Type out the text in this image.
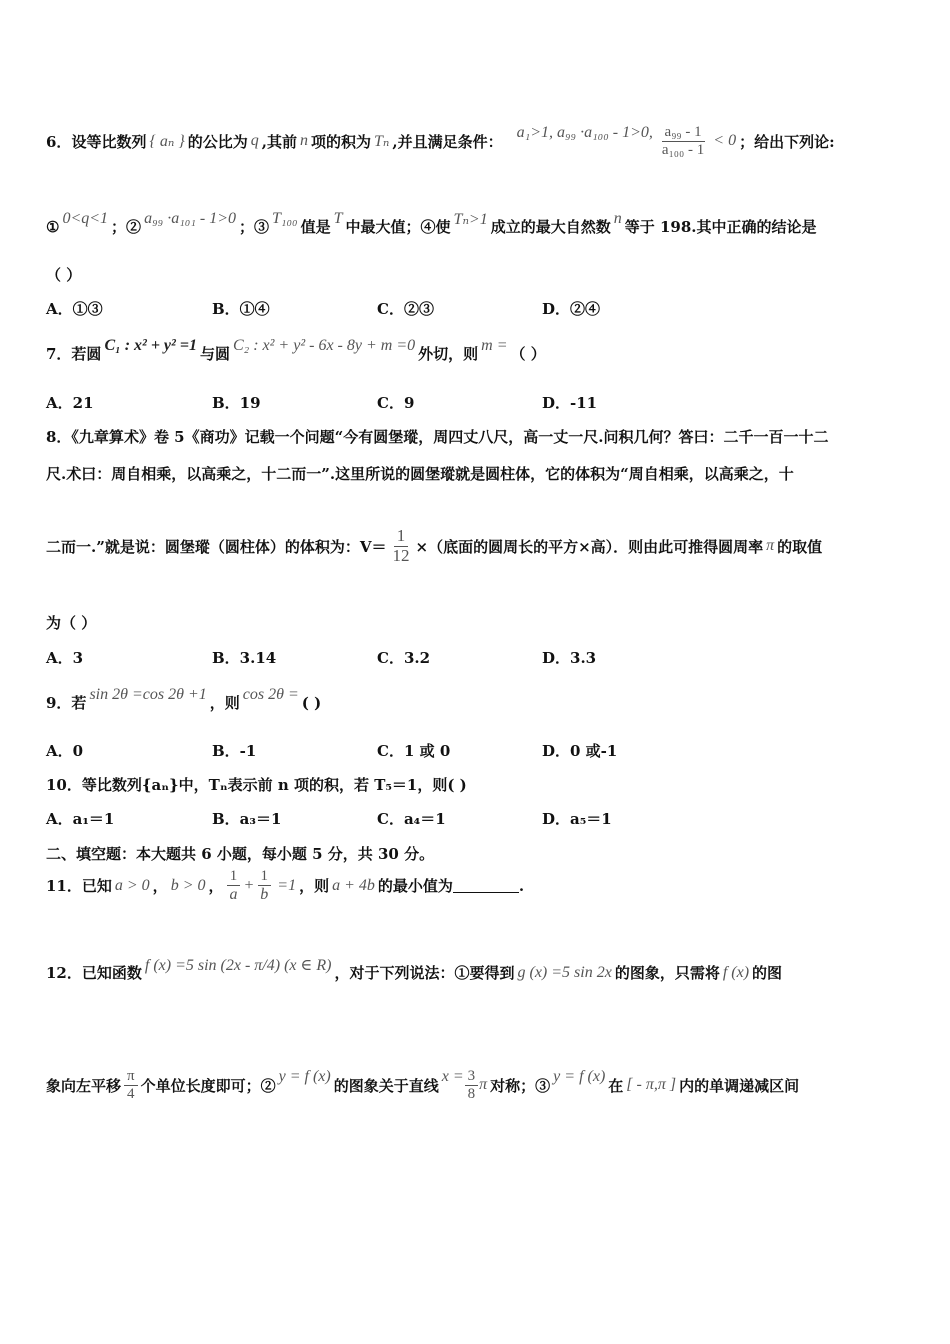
6． 设等比数列 { aₙ } 的公比为 q ,其前 n 项的积为 Tₙ ,并且满足条件： a₁>1, a₉₉ ·a₁₀₀ - 1>0, $\frac{\text{a₉₉ - 1}}{\text{a₁₀₀ - 1}} < 0$ ；给出下列论:
① 0<q<1 ；② a₉₉ ·a₁₀₁ - 1>0 ；③ T₁₀₀ 值是 T 中最大值；④使 Tₙ>1 成立的最大自然数 n 等于 198.其中正确的结论是
（ ）
A．①③	B．①④	C．②③	D．②④
7．若圆 C₁ : x² + y² =1 与圆 C₂ : x² + y² - 6x - 8y + m =0 外切，则 m = （ ）
A．21	B．19	C．9	D．-11
8．《九章算术》卷 5《商功》记载一个问题“今有圆堡瑽，周四丈八尺，高一丈一尺.问积几何？答曰：二千一百一十二
尺.术曰：周自相乘，以高乘之，十二而一”.这里所说的圆堡瑽就是圆柱体，它的体积为“周自相乘，以高乘之，十
二而一.”就是说：圆堡瑽（圆柱体）的体积为：$V= \frac{1}{12}$ ×（底面的圆周长的平方×高）．则由此可推得圆周率 π 的取值
为（ ）
A．3	B．3.14	C．3.2	D．3.3
9．若 sin 2θ =cos 2θ +1 ，则 cos 2θ = ( )
A．0	B．-1	C．1 或 0	D．0 或-1
10．等比数列{aₙ}中，Tₙ表示前 n 项的积，若 T₅＝1，则( )
A．a₁＝1	B．a₃＝1	C．a₄＝1	D．a₅＝1
二、填空题：本大题共 6 小题，每小题 5 分，共 30 分。
11．已知 a > 0 ， b > 0 ， $\frac{1}{a} + \frac{1}{b} =1$ ，则 a + 4b 的最小值为	.
12．已知函数 f (x) =5 sin (2x - π/4) (x ∈ R) ，对于下列说法：①要得到 g (x) =5 sin 2x 的图象，只需将 f (x) 的图
象向左平移 $\frac{\pi}{4}$ 个单位长度即可；② y = f (x) 的图象关于直线 $x = \frac{3}{8}$ π 对称；③ y = f (x) 在 [ - π,π ] 内的单调递减区间
